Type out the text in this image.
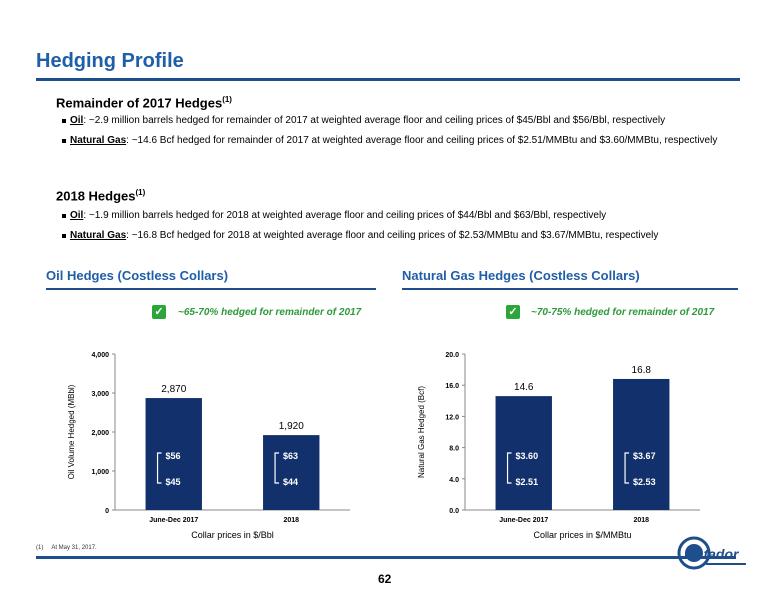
Hedging Profile
Remainder of 2017 Hedges$^{(1)}$
Oil: ~2.9 million barrels hedged for remainder of 2017 at weighted average floor and ceiling prices of $45/Bbl and $56/Bbl, respectively
Natural Gas: ~14.6 Bcf hedged for remainder of 2017 at weighted average floor and ceiling prices of $2.51/MMBtu and $3.60/MMBtu, respectively
2018 Hedges$^{(1)}$
Oil: ~1.9 million barrels hedged for 2018 at weighted average floor and ceiling prices of $44/Bbl and $63/Bbl, respectively
Natural Gas: ~16.8 Bcf hedged for 2018 at weighted average floor and ceiling prices of $2.53/MMBtu and $3.67/MMBtu, respectively
Oil Hedges (Costless Collars)	Natural Gas Hedges (Costless Collars)
✓ ~65-70% hedged for remainder of 2017	✓ ~70-75% hedged for remainder of 2017
0
1,000
2,000
3,000
4,000
Oil Volume Hedged (MBbl)	2,870
June-Dec 2017
$56
$45
1,920
2018
$63
$44
Collar prices in $/Bbl
0.0
4.0
8.0
12.0
16.0
20.0
Natural Gas Hedged (Bcf)	14.6
June-Dec 2017
$3.60
$2.51
16.8
2018
$3.67
$2.53
Collar prices in $/MMBtu
(1) At May 31, 2017.
62
Matador
